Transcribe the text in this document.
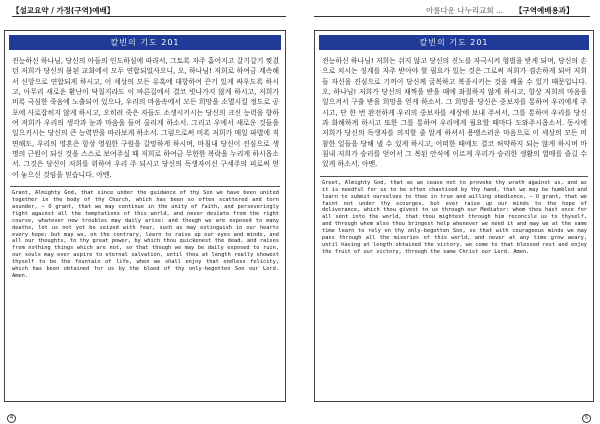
【설교요약 / 가정(구역)예배】
칼빈의 기도 201
전능하신 하나님, 당신의 아들의 인도하심에 따라서, 그토록 자주 흩어지고 갈기갈기 찢겼던 저희가 당신의 몸된 교회에서 모두 연합되었사오니, 오, 하나님! 저희로 하여금 계속해서 신앙으로 연합되게 하시고, 이 세상의 모든 유혹에 대항하여 끈기 있게 싸우도록 하시고, 아무리 새로운 환난이 닥칠지라도 이 바른길에서 결코 빗나가지 않게 하시고, 저희가 비록 극심한 죽음에 노출되어 있으나, 우리의 마음속에서 모든 희망을 소멸시킬 정도로 공포에 사로잡히지 않게 하시고, 오히려 죽은 자들도 소생시키시는 당신의 크신 능력을 향하여 저희가 우리의 생각과 눈과 마음을 들어 올리게 하소서. 그리고 우에서 새로운 것들을 일으키시는 당신의 큰 능력만을 바라보게 하소서. 그럼으로써 비록 저희가 매일 파멸에 직면해도, 우리의 영혼은 항상 영원한 구원을 갈망하게 하시며, 마침내 당신이 진심으로 생명의 근원이 되신 것을 스스로 보여주실 때 저희로 하여금 무한한 복락을 누리게 하시옵소서. 그것은 당신이 저희를 위하여 우리 주 되시고 당신의 독생자이신 구세주의 피로써 얻어 놓으신 것임을 믿습니다. 아멘.
Grant, Almighty God, that since under the guidance of thy Son we have been united together in the body of thy Church, which has been so often scattered and torn asunder, — O grant, that we may continue in the unity of faith, and perseveringly fight against all the temptations of this world, and never deviate from the right course, whatever new troubles may daily arise: and though we are exposed to many deaths, let us not yet be seized with fear, such as may extinguish in our hearts every hope; but may we, on the contrary, learn to raise up our eyes and minds, and all our thoughts, to thy great power, by which thou quickenest the dead, and raises from nothing things which are not, so that though we may be daily exposed to ruin, our souls may ever aspire to eternal salvation, until thou at length really showest thyself to be the fountain of life, when we shall enjoy that endless felicity, which has been obtained for us by the blood of thy only-begotten Son our Lord. Amen.
4
아름다운 나누리교회 ... 【구역예배용과】
칼빈의 기도 201
전능하신 하나님! 저희는 쉬지 않고 당신의 진노를 자극시켜 형벌을 받게 되며, 당신의 손으로 치시는 징계를 자주 받아야 할 필요가 있는 것은 그로써 저희가 겸손하게 되어 저희들 자신을 진심으로 기꺼이 당신께 굴복하고 복종시키는 것을 배울 수 있기 때문입니다. 오, 하나님! 저희가 당신의 채찍을 받을 때에 좌절하지 않게 하시고, 항상 저희의 마음을 일으켜서 구출 받을 희망을 얻게 하소서. 그 희망을 당신은 중보자를 통하여 우리에게 주시고, 단 한 번 완전하게 우리의 중보자를 세상에 보내 주셔서, 그를 통하여 우리를 당신과 화해하게 하시고 또한 그를 통하여 우리에게 필요할 때마다 도와주시옵소서. 동시에 저희가 당신의 독생자를 의지할 줄 알게 하셔서 용맹스러운 마음으로 이 세상의 모든 비참한 일들을 당해 낼 수 있게 하시고, 어떠한 때에도 결코 허약하지 되는 않게 하시며 마침내 저희가 승리를 얻어서 그 복된 안식에 이르게 우리가 승리한 생활의 열매를 즐길 수 있게 하소서. 아멘.
Greet, Almighty God, that as we cease not to provoke thy wrath against us, and as it is needful for us to be often chastised by thy hand, that we may be humbled and learn to submit ourselves to thee in true and willing obedience, — O grant, that we faint not under thy scourges, but ever raise up our minds to the hope of deliverance, which thou givest to us through our Mediator: whom thou hast once for all sent into the world, that thou mightest through him reconcile us to thyself, and through whom also thou bringest help whenever we need it and may we at the same time learn to rely on thy only-begotten Son, so that with courageous minds we may pass through all the miseries of this world, and never at any time grow weary, until having at length obtained the victory, we come to that blessed rest and enjoy the fruit of our victory, through the same Christ our Lord. Amen.
5
